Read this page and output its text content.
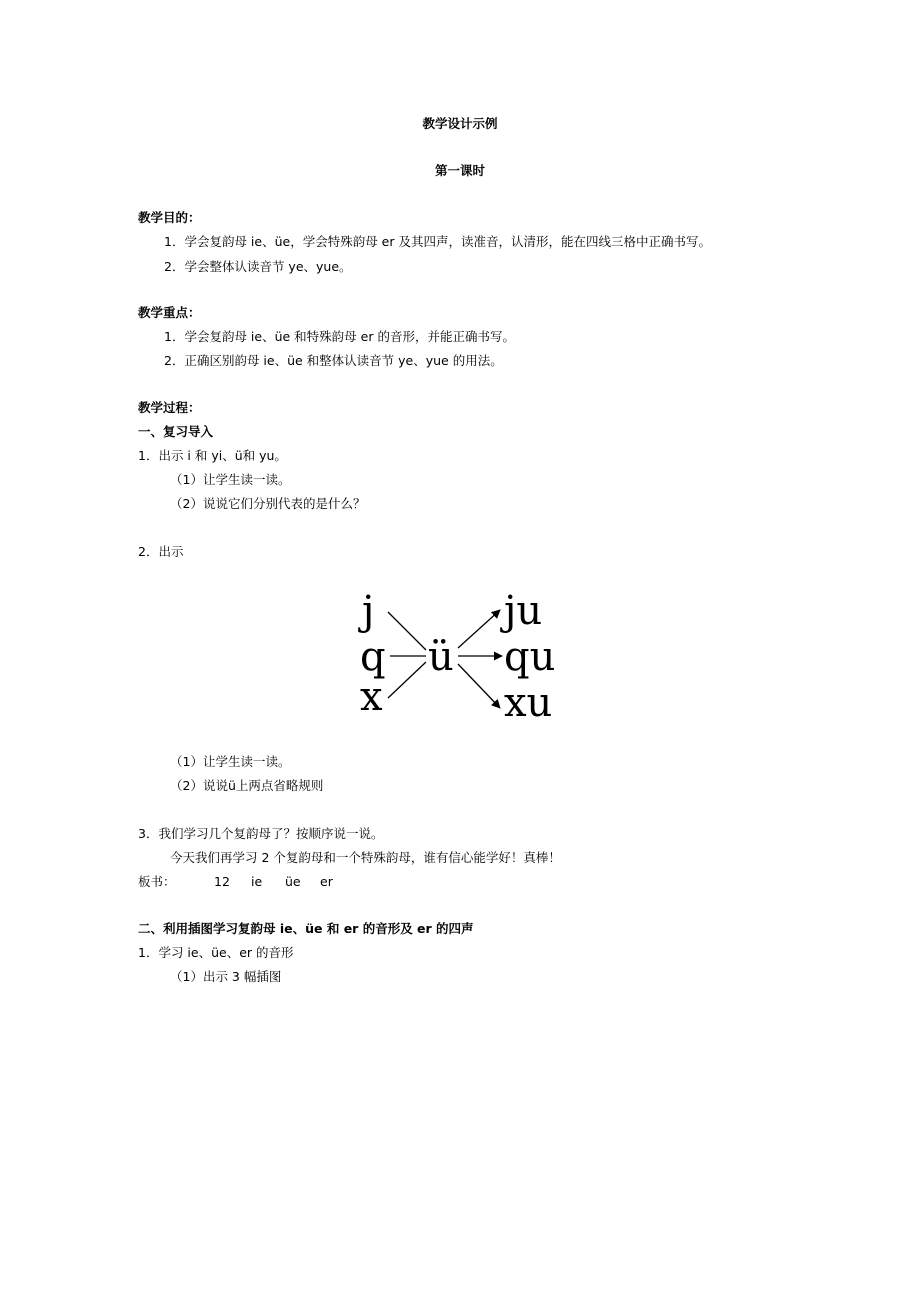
教学设计示例
第一课时
教学目的：
1．学会复韵母 ie、üe，学会特殊韵母 er 及其四声，读准音，认清形，能在四线三格中正确书写。
2．学会整体认读音节 ye、yue。
教学重点：
1．学会复韵母 ie、üe 和特殊韵母 er 的音形，并能正确书写。
2．正确区别韵母 ie、üe 和整体认读音节 ye、yue 的用法。
教学过程：
一、复习导入
1．出示 i 和 yi、ü和 yu。
（1）让学生读一读。
（2）说说它们分别代表的是什么？
2．出示
j
q
x
ü
ju
qu
xu
（1）让学生读一读。
（2）说说ü上两点省略规则
3．我们学习几个复韵母了？按顺序说一说。
今天我们再学习 2 个复韵母和一个特殊韵母，谁有信心能学好！真棒！
板书：	12 ie üe er
二、利用插图学习复韵母 ie、üe 和 er 的音形及 er 的四声
1．学习 ie、üe、er 的音形
（1）出示 3 幅插图
